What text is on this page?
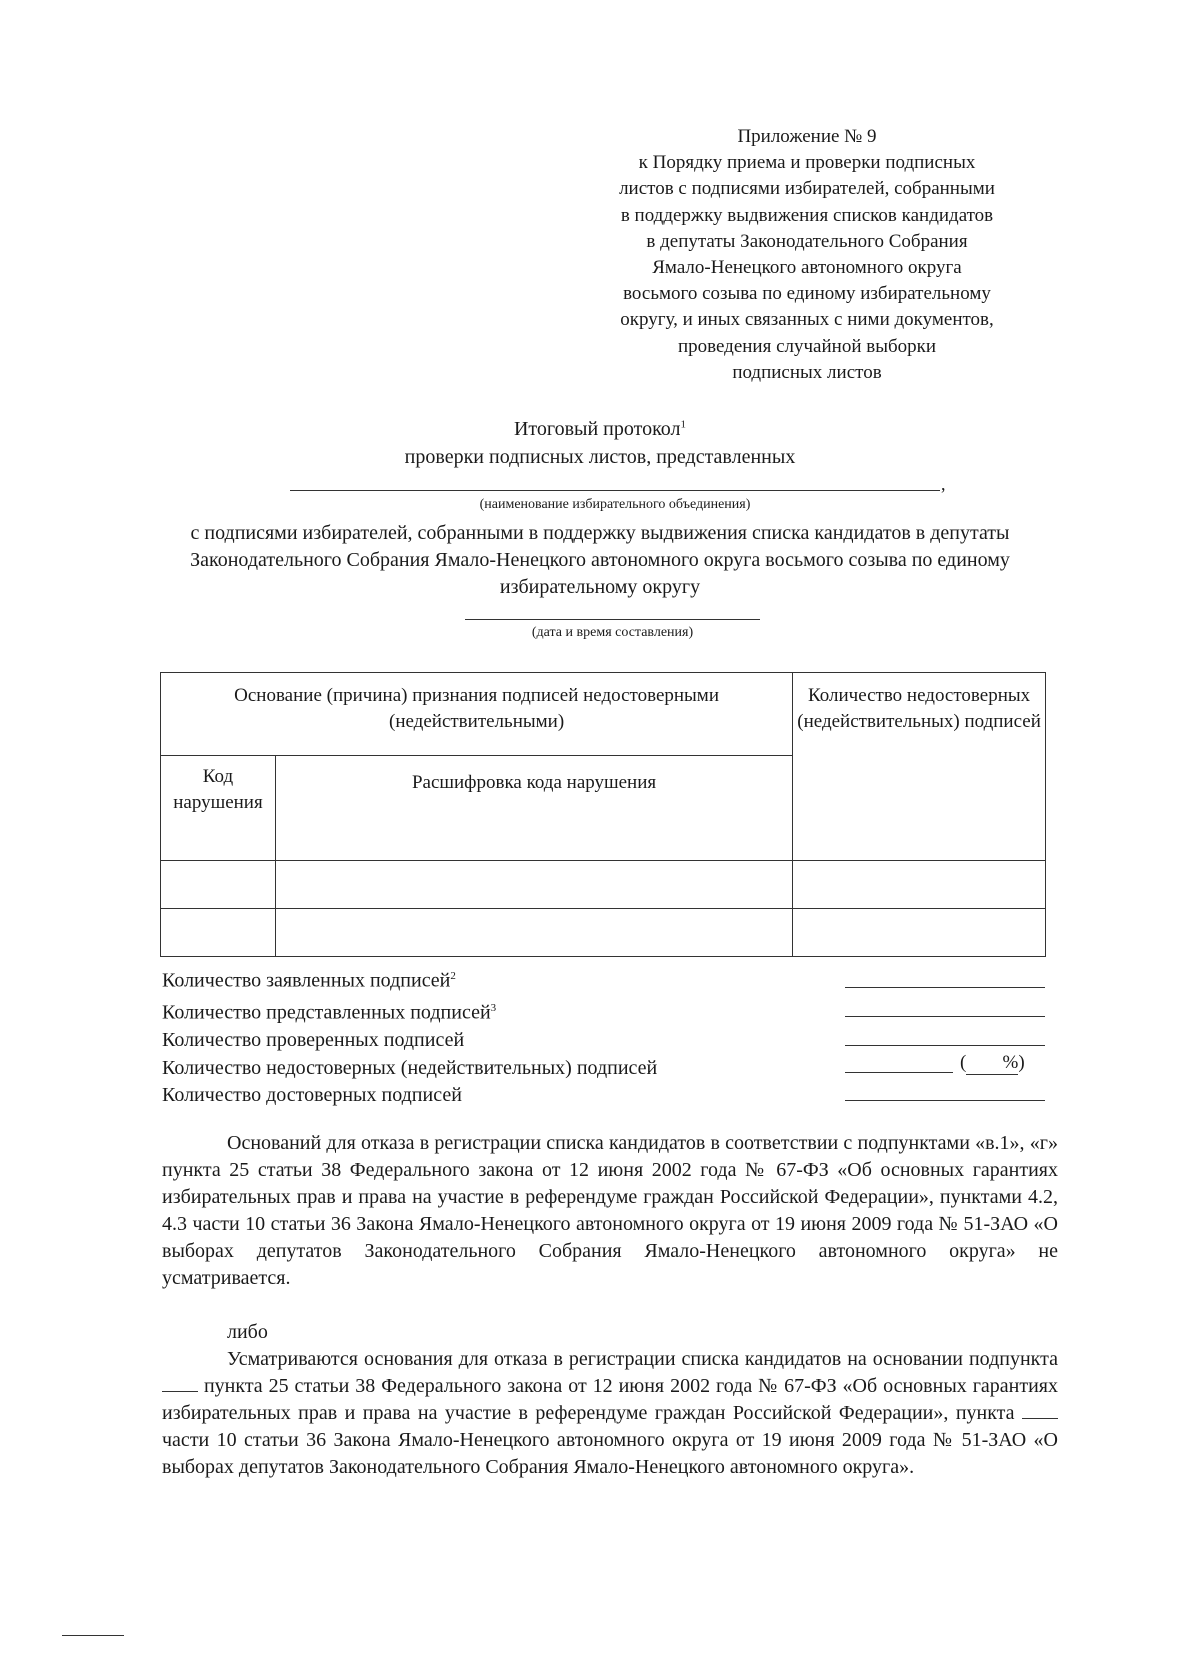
Приложение № 9
к Порядку приема и проверки подписных
листов с подписями избирателей, собранными
в поддержку выдвижения списков кандидатов
в депутаты Законодательного Собрания
Ямало-Ненецкого автономного округа
восьмого созыва по единому избирательному
округу, и иных связанных с ними документов,
проведения случайной выборки
подписных листов
Итоговый протокол$^1$
проверки подписных листов, представленных
,
(наименование избирательного объединения)
с подписями избирателей, собранными в поддержку выдвижения списка кандидатов в депутаты Законодательного Собрания Ямало-Ненецкого автономного округа восьмого созыва по единому избирательному округу
(дата и время составления)
Основание (причина) признания подписей недостоверными (недействительными)		Количество недостоверных (недействительных) подписей
Код нарушения	Расшифровка кода нарушения	

Количество заявленных подписей$^2$
Количество представленных подписей$^3$
Количество проверенных подписей
Количество недостоверных (недействительных) подписей
Количество достоверных подписей
( %)
Оснований для отказа в регистрации списка кандидатов в соответствии с подпунктами «в.1», «г» пункта 25 статьи 38 Федерального закона от 12 июня 2002 года № 67-ФЗ «Об основных гарантиях избирательных прав и права на участие в референдуме граждан Российской Федерации», пунктами 4.2, 4.3 части 10 статьи 36 Закона Ямало-Ненецкого автономного округа от 19 июня 2009 года № 51-ЗАО «О выборах депутатов Законодательного Собрания Ямало-Ненецкого автономного округа» не усматривается.
либо
Усматриваются основания для отказа в регистрации списка кандидатов на основании подпункта  пункта 25 статьи 38 Федерального закона от 12 июня 2002 года № 67-ФЗ «Об основных гарантиях избирательных прав и права на участие в референдуме граждан Российской Федерации», пункта  части 10 статьи 36 Закона Ямало-Ненецкого автономного округа от 19 июня 2009 года № 51-ЗАО «О выборах депутатов Законодательного Собрания Ямало-Ненецкого автономного округа».
